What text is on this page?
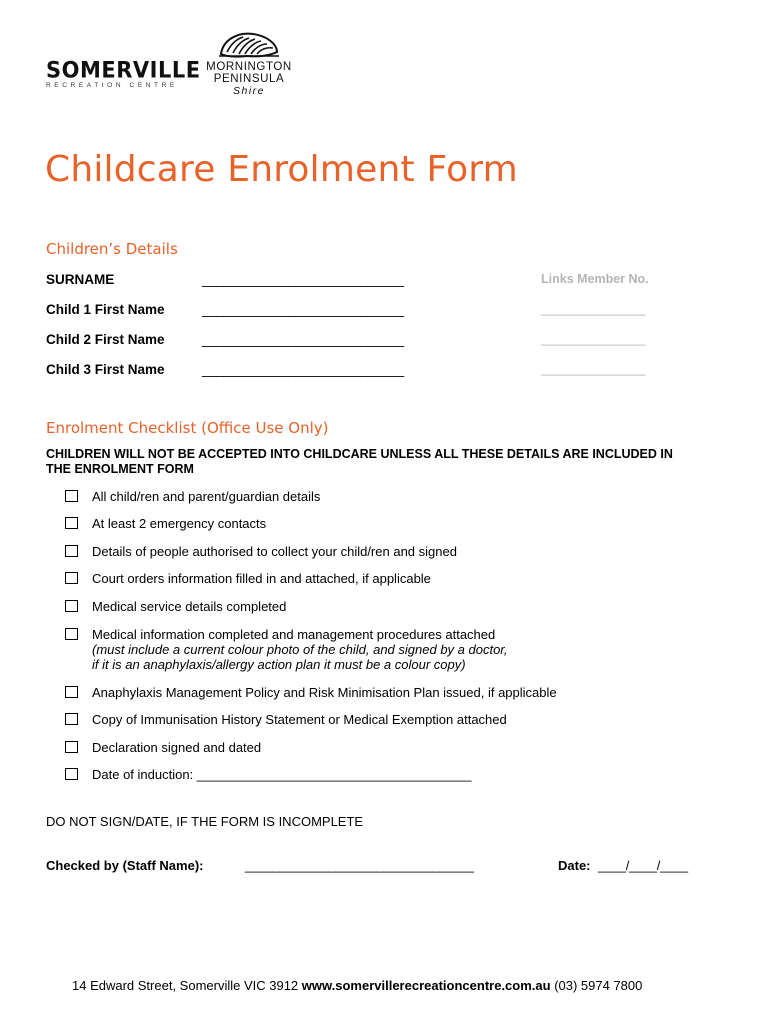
SOMERVILLE
RECREATION CENTRE
MORNINGTON
PENINSULA
Shire
Childcare Enrolment Form
Children’s Details
SURNAME	____________________________	Links Member No.
Child 1 First Name	____________________________	_______________
Child 2 First Name	____________________________	_______________
Child 3 First Name	____________________________	_______________
Enrolment Checklist (Office Use Only)
CHILDREN WILL NOT BE ACCEPTED INTO CHILDCARE UNLESS ALL THESE DETAILS ARE INCLUDED IN THE ENROLMENT FORM
All child/ren and parent/guardian details
At least 2 emergency contacts
Details of people authorised to collect your child/ren and signed
Court orders information filled in and attached, if applicable
Medical service details completed
Medical information completed and management procedures attached
(must include a current colour photo of the child, and signed by a doctor,
if it is an anaphylaxis/allergy action plan it must be a colour copy)
Anaphylaxis Management Policy and Risk Minimisation Plan issued, if applicable
Copy of Immunisation History Statement or Medical Exemption attached
Declaration signed and dated
Date of induction: ______________________________________
DO NOT SIGN/DATE, IF THE FORM IS INCOMPLETE
Checked by (Staff Name):	_________________________________	Date: ____/____/____
14 Edward Street, Somerville VIC 3912 www.somervillerecreationcentre.com.au (03) 5974 7800
